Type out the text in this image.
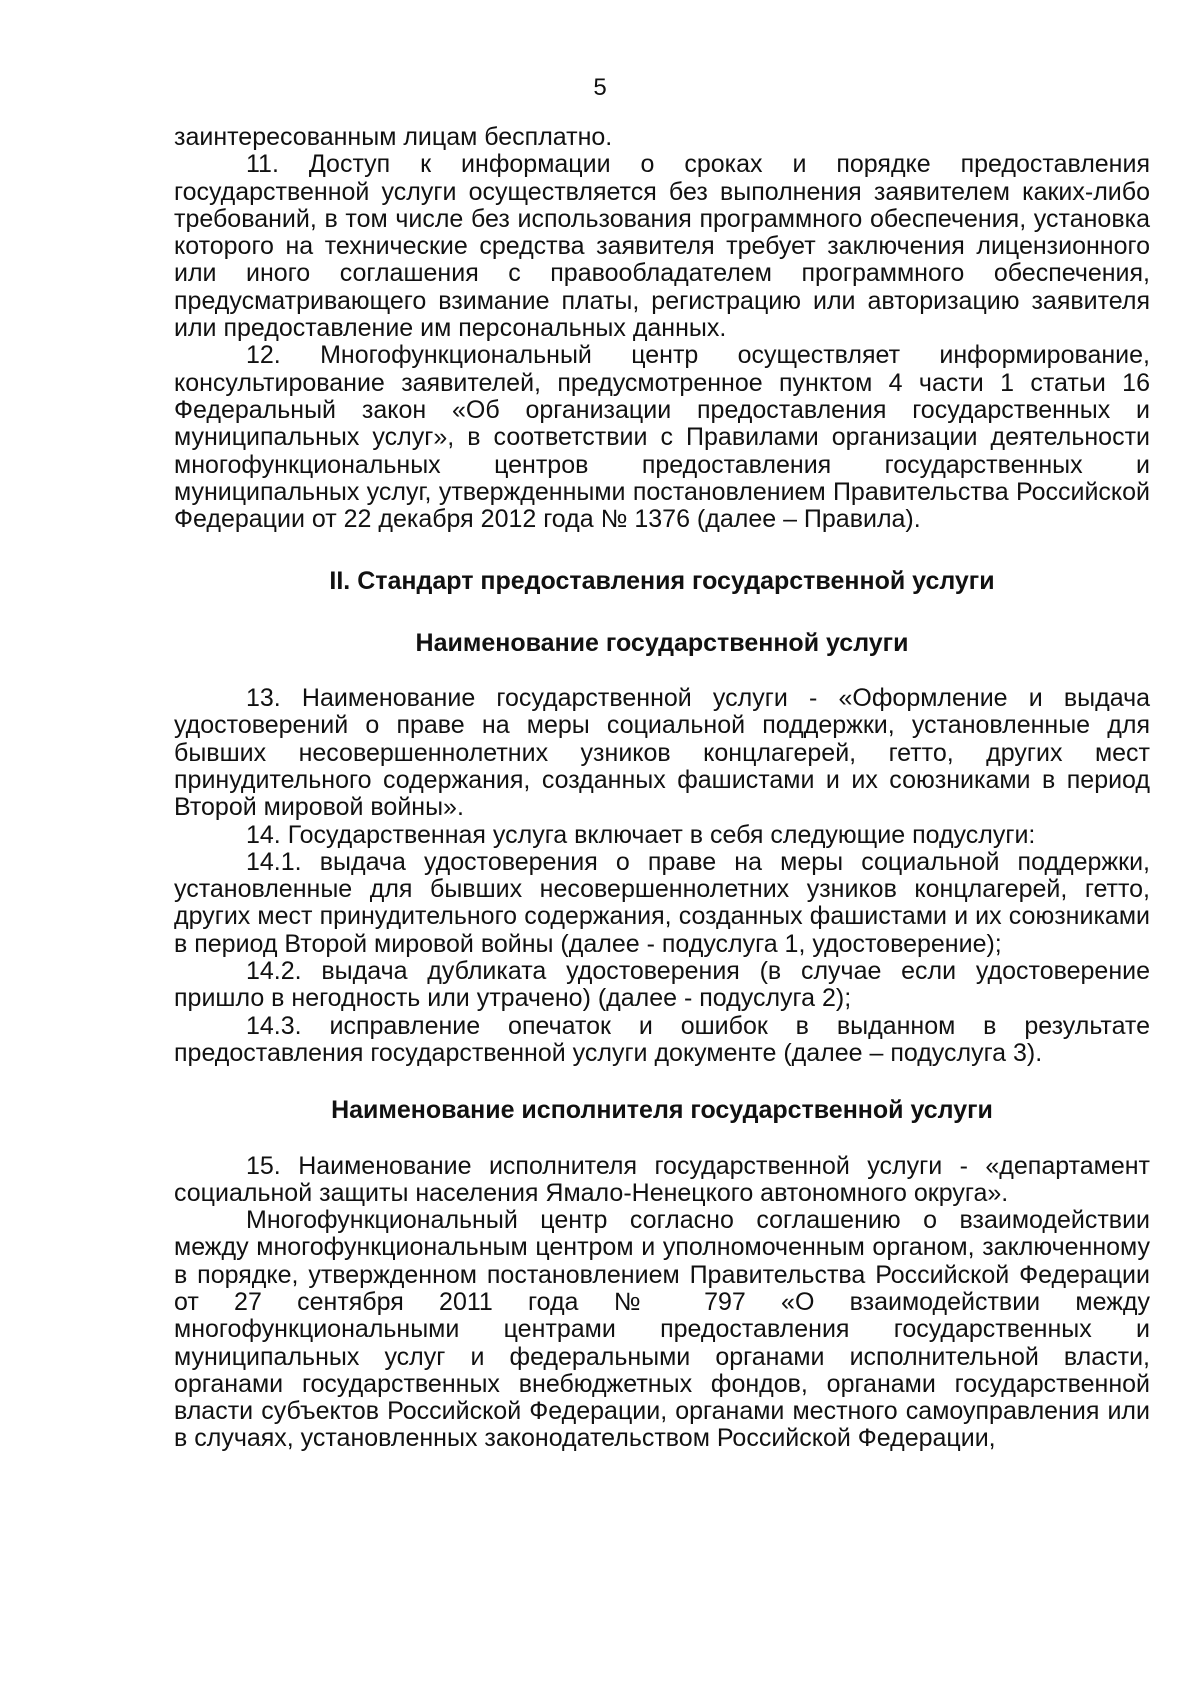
5

заинтересованным лицам бесплатно.

11. Доступ к информации о сроках и порядке предоставления государственной услуги осуществляется без выполнения заявителем каких-либо требований, в том числе без использования программного обеспечения, установка которого на технические средства заявителя требует заключения лицензионного или иного соглашения с правообладателем программного обеспечения, предусматривающего взимание платы, регистрацию или авторизацию заявителя или предоставление им персональных данных.

12. Многофункциональный центр осуществляет информирование, консультирование заявителей, предусмотренное пунктом 4 части 1 статьи 16 Федеральный закон «Об организации предоставления государственных и муниципальных услуг», в соответствии с Правилами организации деятельности многофункциональных центров предоставления государственных и муниципальных услуг, утвержденными постановлением Правительства Российской Федерации от 22 декабря 2012 года № 1376 (далее – Правила).

II. Стандарт предоставления государственной услуги
Наименование государственной услуги

13. Наименование государственной услуги - «Оформление и выдача удостоверений о праве на меры социальной поддержки, установленные для бывших несовершеннолетних узников концлагерей, гетто, других мест принудительного содержания, созданных фашистами и их союзниками в период Второй мировой войны».

14. Государственная услуга включает в себя следующие подуслуги:

14.1. выдача удостоверения о праве на меры социальной поддержки, установленные для бывших несовершеннолетних узников концлагерей, гетто, других мест принудительного содержания, созданных фашистами и их союзниками в период Второй мировой войны (далее - подуслуга 1, удостоверение);

14.2. выдача дубликата удостоверения (в случае если удостоверение пришло в негодность или утрачено) (далее - подуслуга 2);

14.3. исправление опечаток и ошибок в выданном в результате предоставления государственной услуги документе (далее – подуслуга 3).

Наименование исполнителя государственной услуги

15. Наименование исполнителя государственной услуги - «департамент социальной защиты населения Ямало-Ненецкого автономного округа».

Многофункциональный центр согласно соглашению о взаимодействии между многофункциональным центром и уполномоченным органом, заключенному в порядке, утвержденном постановлением Правительства Российской Федерации от 27 сентября 2011 года № 797 «О взаимодействии между многофункциональными центрами предоставления государственных и муниципальных услуг и федеральными органами исполнительной власти, органами государственных внебюджетных фондов, органами государственной власти субъектов Российской Федерации, органами местного самоуправления или в случаях, установленных законодательством Российской Федерации,
